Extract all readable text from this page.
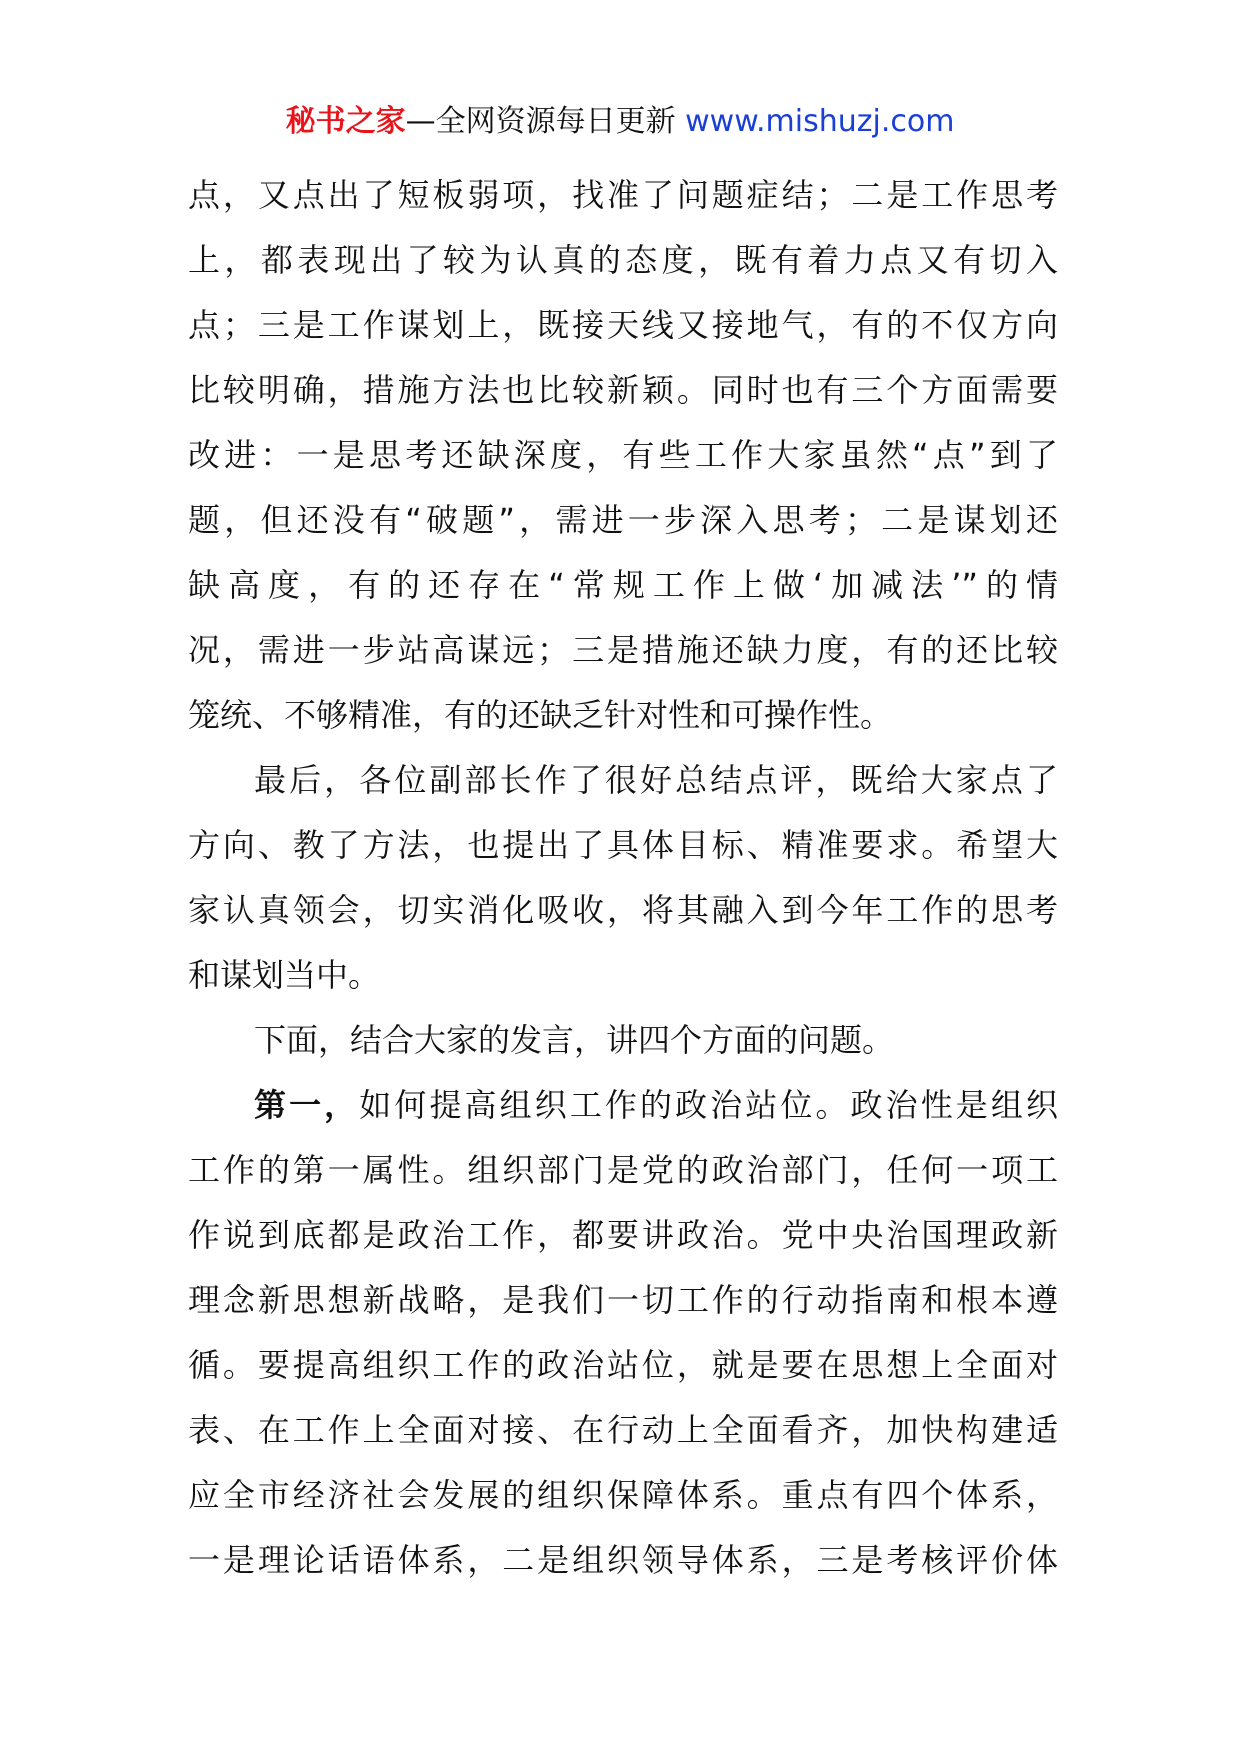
秘书之家—全网资源每日更新 www.mishuzj.com
点，又点出了短板弱项，找准了问题症结；二是工作思考
上，都表现出了较为认真的态度，既有着力点又有切入
点；三是工作谋划上，既接天线又接地气，有的不仅方向
比较明确，措施方法也比较新颖。同时也有三个方面需要
改进：一是思考还缺深度，有些工作大家虽然“点”到了
题，但还没有“破题”，需进一步深入思考；二是谋划还
缺高度，有的还存在“常规工作上做‘加减法’”的情
况，需进一步站高谋远；三是措施还缺力度，有的还比较
笼统、不够精准，有的还缺乏针对性和可操作性。
最后，各位副部长作了很好总结点评，既给大家点了
方向、教了方法，也提出了具体目标、精准要求。希望大
家认真领会，切实消化吸收，将其融入到今年工作的思考
和谋划当中。
下面，结合大家的发言，讲四个方面的问题。
第一，如何提高组织工作的政治站位。政治性是组织
工作的第一属性。组织部门是党的政治部门，任何一项工
作说到底都是政治工作，都要讲政治。党中央治国理政新
理念新思想新战略，是我们一切工作的行动指南和根本遵
循。要提高组织工作的政治站位，就是要在思想上全面对
表、在工作上全面对接、在行动上全面看齐，加快构建适
应全市经济社会发展的组织保障体系。重点有四个体系，
一是理论话语体系，二是组织领导体系，三是考核评价体
